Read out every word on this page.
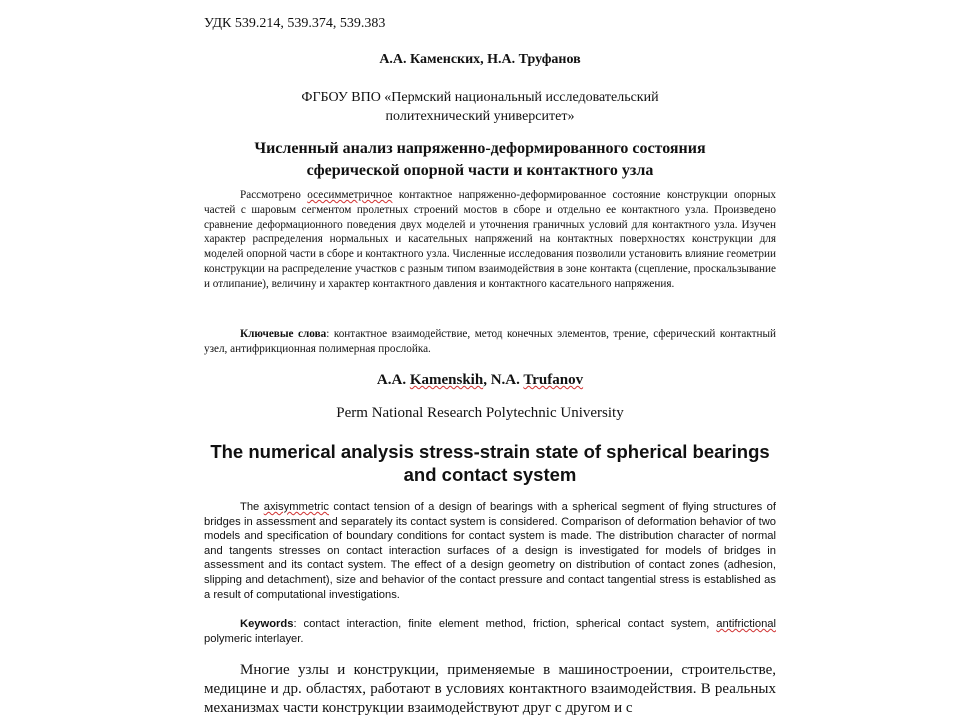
УДК 539.214, 539.374, 539.383
А.А. Каменских, Н.А. Труфанов
ФГБОУ ВПО «Пермский национальный исследовательский
политехнический университет»
Численный анализ напряженно-деформированного состояния
сферической опорной части и контактного узла

Рассмотрено осесимметричное контактное напряженно-деформированное состояние конструкции опорных частей с шаровым сегментом пролетных строений мостов в сборе и отдельно ее контактного узла. Произведено сравнение деформационного поведения двух моделей и уточнения граничных условий для контактного узла. Изучен характер распределения нормальных и касательных напряжений на контактных поверхностях конструкции для моделей опорной части в сборе и контактного узла. Численные исследования позволили установить влияние геометрии конструкции на распределение участков с разным типом взаимодействия в зоне контакта (сцепление, проскальзывание и отлипание), величину и характер контактного давления и контактного касательного напряжения.

Ключевые слова: контактное взаимодействие, метод конечных элементов, трение, сферический контактный узел, антифрикционная полимерная прослойка.

A.A. Kamenskih, N.A. Trufanov
Perm National Research Polytechnic University
The numerical analysis stress-strain state of spherical bearings and contact system

The axisymmetric contact tension of a design of bearings with a spherical segment of flying structures of bridges in assessment and separately its contact system is considered. Comparison of deformation behavior of two models and specification of boundary conditions for contact system is made. The distribution character of normal and tangents stresses on contact interaction surfaces of a design is investigated for models of bridges in assessment and its contact system. The effect of a design geometry on distribution of contact zones (adhesion, slipping and detachment), size and behavior of the contact pressure and contact tangential stress is established as a result of computational investigations.

Keywords: contact interaction, finite element method, friction, spherical contact system, antifrictional polymeric interlayer.

Многие узлы и конструкции, применяемые в машиностроении, строительстве, медицине и др. областях, работают в условиях контактного взаимодействия. В реальных механизмах части конструкции взаимодействуют друг с другом и с
